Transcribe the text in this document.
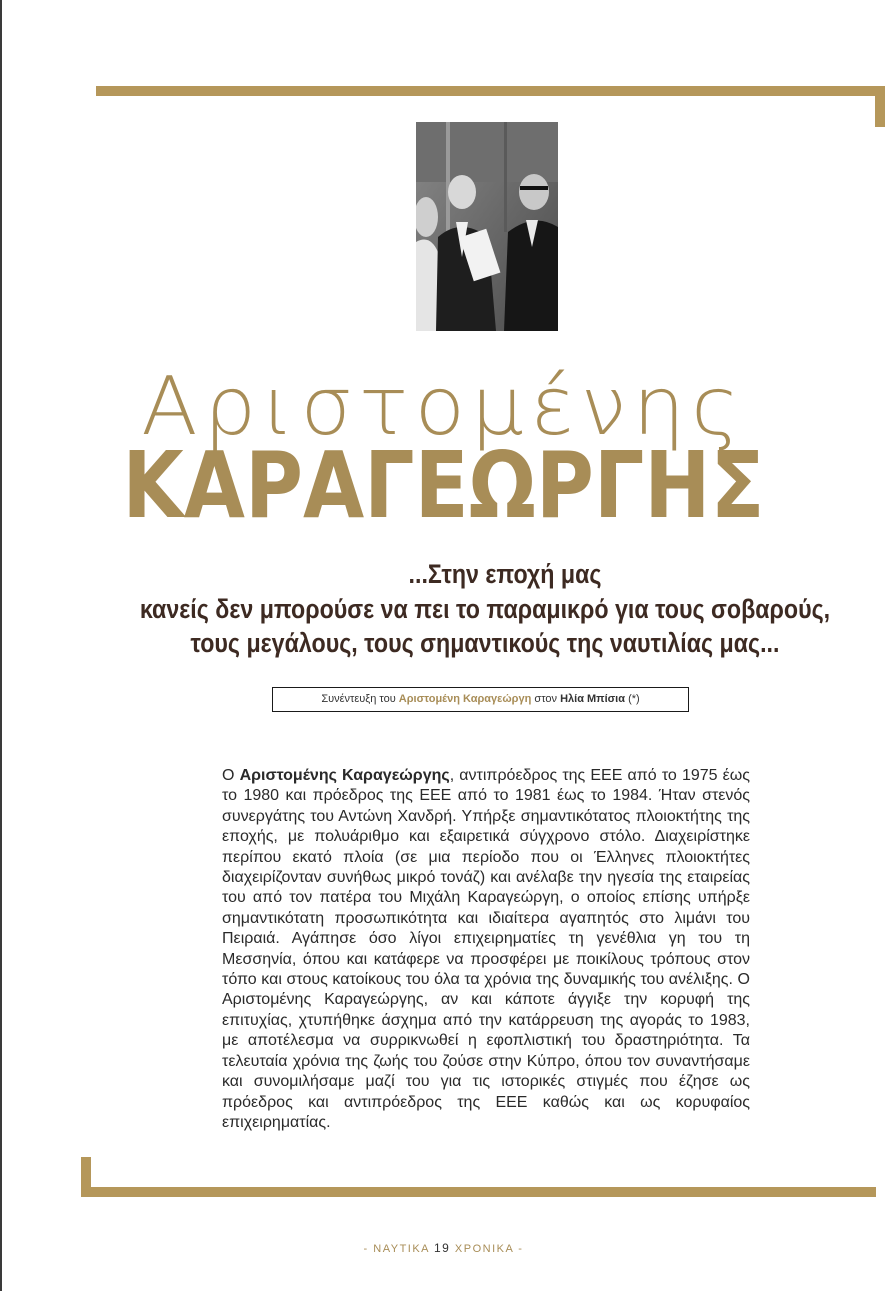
Αριστομένης
ΚΑΡΑΓΕΩΡΓΗΣ
...Στην εποχή μας
κανείς δεν μπορούσε να πει το παραμικρό για τους σοβαρούς,
τους μεγάλους, τους σημαντικούς της ναυτιλίας μας...
Συνέντευξη του Αριστομένη Καραγεώργη στον Ηλία Μπίσια (*)
Ο Αριστομένης Καραγεώργης, αντιπρόεδρος της ΕΕΕ από το 1975 έως το 1980 και πρόεδρος της ΕΕΕ από το 1981 έως το 1984. Ήταν στενός συνεργάτης του Αντώνη Χανδρή. Υπήρξε σημαντικότατος πλοιοκτήτης της εποχής, με πολυάριθμο και εξαιρετικά σύγχρονο στόλο. Διαχειρίστηκε περίπου εκατό πλοία (σε μια περίοδο που οι Έλληνες πλοιοκτήτες διαχειρίζονταν συνήθως μικρό τονάζ) και ανέλαβε την ηγεσία της εταιρείας του από τον πατέρα του Μιχάλη Καραγεώργη, ο οποίος επίσης υπήρξε σημαντικότατη προσωπικότητα και ιδιαίτερα αγαπητός στο λιμάνι του Πειραιά. Αγάπησε όσο λίγοι επιχειρηματίες τη γενέθλια γη του τη Μεσσηνία, όπου και κατάφερε να προσφέρει με ποικίλους τρόπους στον τόπο και στους κατοίκους του όλα τα χρόνια της δυναμικής του ανέλιξης. Ο Αριστομένης Καραγεώργης, αν και κάποτε άγγιξε την κορυφή της επιτυχίας, χτυπήθηκε άσχημα από την κατάρρευση της αγοράς το 1983, με αποτέλεσμα να συρρικνωθεί η εφοπλιστική του δραστηριότητα. Τα τελευταία χρόνια της ζωής του ζούσε στην Κύπρο, όπου τον συναντήσαμε και συνομιλήσαμε μαζί του για τις ιστορικές στιγμές που έζησε ως πρόεδρος και αντιπρόεδρος της ΕΕΕ καθώς και ως κορυφαίος επιχειρηματίας.
- ΝΑΥΤΙΚΑ 19 ΧΡΟΝΙΚΑ -
